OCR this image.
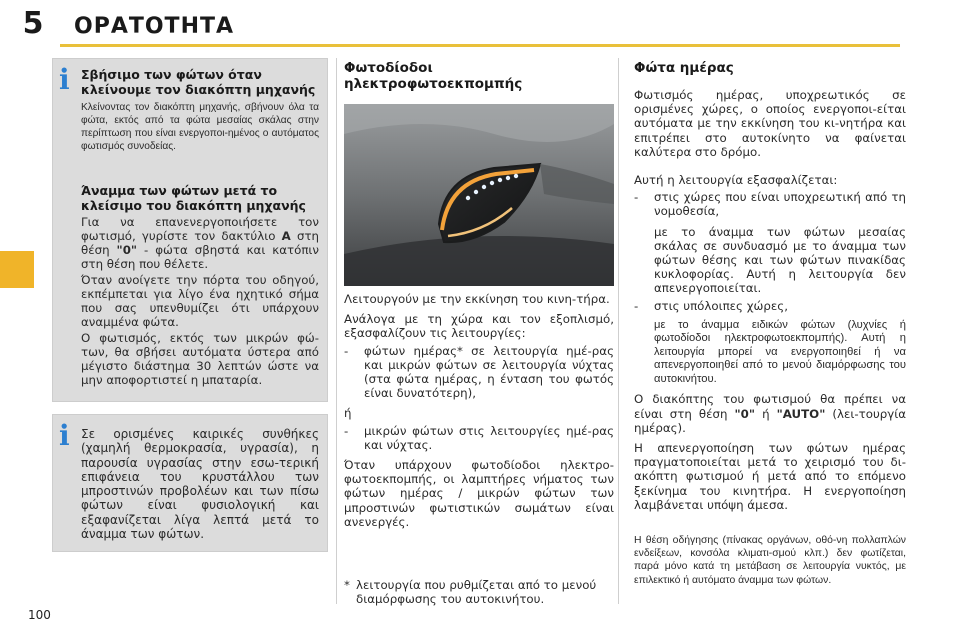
5	ΟΡΑΤΟΤΗΤΑ
i Σβήσιμο των φώτων όταν κλείνουμε τον διακόπτη μηχανής
Κλείνοντας τον διακόπτη μηχανής, σβήνουν όλα τα φώτα, εκτός από τα φώτα μεσαίας σκάλας στην περίπτωση που είναι ενεργοποι-ημένος ο αυτόματος φωτισμός συνοδείας.
Άναμμα των φώτων μετά το κλείσιμο του διακόπτη μηχανής
Για να επανενεργοποιήσετε τον φωτισμό, γυρίστε τον δακτύλιο A στη θέση "0" - φώτα σβηστά και κατόπιν στη θέση που θέλετε.
Όταν ανοίγετε την πόρτα του οδηγού, εκπέμπεται για λίγο ένα ηχητικό σήμα που σας υπενθυμίζει ότι υπάρχουν αναμμένα φώτα.
Ο φωτισμός, εκτός των μικρών φώ-των, θα σβήσει αυτόματα ύστερα από μέγιστο διάστημα 30 λεπτών ώστε να μην αποφορτιστεί η μπαταρία.
i Σε ορισμένες καιρικές συνθήκες (χαμηλή θερμοκρασία, υγρασία), η παρουσία υγρασίας στην εσω-τερική επιφάνεια του κρυστάλλου των μπροστινών προβολέων και των πίσω φώτων είναι φυσιολογική και εξαφανίζεται λίγα λεπτά μετά το άναμμα των φώτων.
Φωτοδίοδοι ηλεκτροφωτοεκπομπής
Λειτουργούν με την εκκίνηση του κινη-τήρα.
Ανάλογα με τη χώρα και τον εξοπλισμό, εξασφαλίζουν τις λειτουργίες:
-	φώτων ημέρας* σε λειτουργία ημέ-ρας και μικρών φώτων σε λειτουργία νύχτας (στα φώτα ημέρας, η ένταση του φωτός είναι δυνατότερη),
ή
-	μικρών φώτων στις λειτουργίες ημέ-ρας και νύχτας.
Όταν υπάρχουν φωτοδίοδοι ηλεκτρο-φωτοεκπομπής, οι λαμπτήρες νήματος των φώτων ημέρας / μικρών φώτων των μπροστινών φωτιστικών σωμάτων είναι ανενεργές.
* λειτουργία που ρυθμίζεται από το μενού διαμόρφωσης του αυτοκινήτου.
Φώτα ημέρας
Φωτισμός ημέρας, υποχρεωτικός σε ορισμένες χώρες, ο οποίος ενεργοποι-είται αυτόματα με την εκκίνηση του κι-νητήρα και επιτρέπει στο αυτοκίνητο να φαίνεται καλύτερα στο δρόμο.
Αυτή η λειτουργία εξασφαλίζεται:
-	στις χώρες που είναι υποχρεωτική από τη νομοθεσία,
με το άναμμα των φώτων μεσαίας σκάλας σε συνδυασμό με το άναμμα των φώτων θέσης και των φώτων πινακίδας κυκλοφορίας. Αυτή η λειτουργία δεν απενεργοποιείται.
-	στις υπόλοιπες χώρες,
με το άναμμα ειδικών φώτων (λυχνίες ή φωτοδίοδοι ηλεκτροφωτοεκπομπής). Αυτή η λειτουργία μπορεί να ενεργοποιηθεί ή να απενεργοποιηθεί από το μενού διαμόρφωσης του αυτοκινήτου.
Ο διακόπτης του φωτισμού θα πρέπει να είναι στη θέση "0" ή "AUTO" (λει-τουργία ημέρας).
Η απενεργοποίηση των φώτων ημέρας πραγματοποιείται μετά το χειρισμό του δι-ακόπτη φωτισμού ή μετά από το επόμενο ξεκίνημα του κινητήρα. Η ενεργοποίηση λαμβάνεται υπόψη άμεσα.
Η θέση οδήγησης (πίνακας οργάνων, οθό-νη πολλαπλών ενδείξεων, κονσόλα κλιματι-σμού κλπ.) δεν φωτίζεται, παρά μόνο κατά τη μετάβαση σε λειτουργία νυκτός, με επιλεκτικό ή αυτόματο άναμμα των φώτων.
100
